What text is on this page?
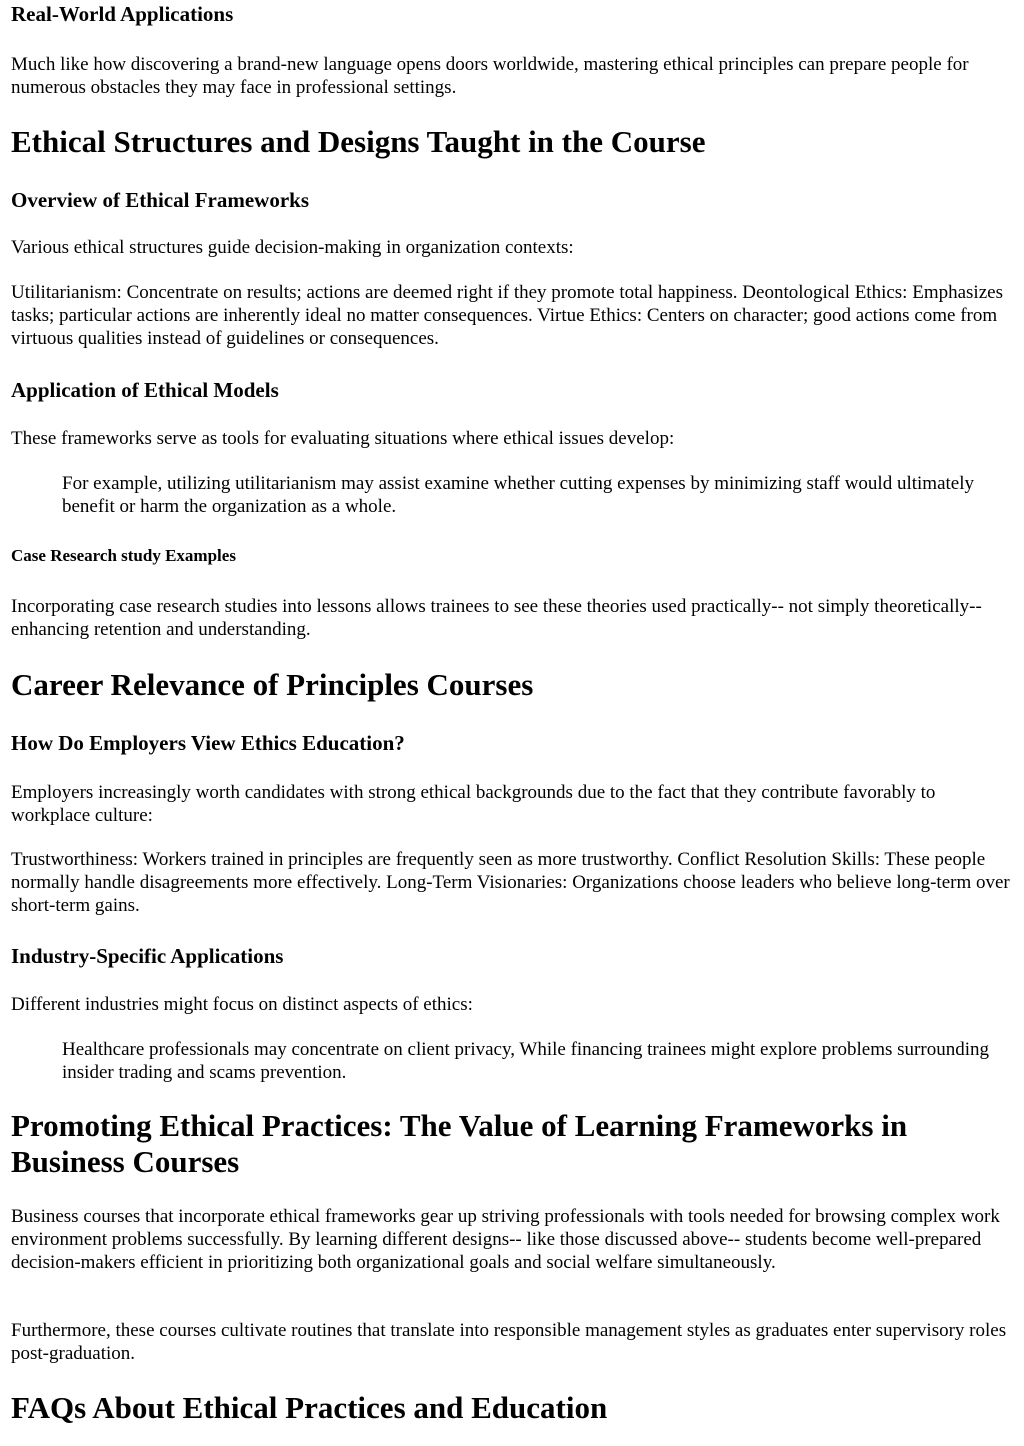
Real-World Applications

Much like how discovering a brand-new language opens doors worldwide, mastering ethical principles can prepare people for numerous obstacles they may face in professional settings.

Ethical Structures and Designs Taught in the Course
Overview of Ethical Frameworks

Various ethical structures guide decision-making in organization contexts:

Utilitarianism: Concentrate on results; actions are deemed right if they promote total happiness. Deontological Ethics: Emphasizes tasks; particular actions are inherently ideal no matter consequences. Virtue Ethics: Centers on character; good actions come from virtuous qualities instead of guidelines or consequences.

Application of Ethical Models

These frameworks serve as tools for evaluating situations where ethical issues develop:

For example, utilizing utilitarianism may assist examine whether cutting expenses by minimizing staff would ultimately benefit or harm the organization as a whole.
Case Research study Examples

Incorporating case research studies into lessons allows trainees to see these theories used practically-- not simply theoretically-- enhancing retention and understanding.

Career Relevance of Principles Courses
How Do Employers View Ethics Education?

Employers increasingly worth candidates with strong ethical backgrounds due to the fact that they contribute favorably to workplace culture:

Trustworthiness: Workers trained in principles are frequently seen as more trustworthy. Conflict Resolution Skills: These people normally handle disagreements more effectively. Long-Term Visionaries: Organizations choose leaders who believe long-term over short-term gains.

Industry-Specific Applications

Different industries might focus on distinct aspects of ethics:

Healthcare professionals may concentrate on client privacy, While financing trainees might explore problems surrounding insider trading and scams prevention.
Promoting Ethical Practices: The Value of Learning Frameworks in Business Courses

Business courses that incorporate ethical frameworks gear up striving professionals with tools needed for browsing complex work environment problems successfully. By learning different designs-- like those discussed above-- students become well-prepared decision-makers efficient in prioritizing both organizational goals and social welfare simultaneously.

Furthermore, these courses cultivate routines that translate into responsible management styles as graduates enter supervisory roles post-graduation.

FAQs About Ethical Practices and Education
